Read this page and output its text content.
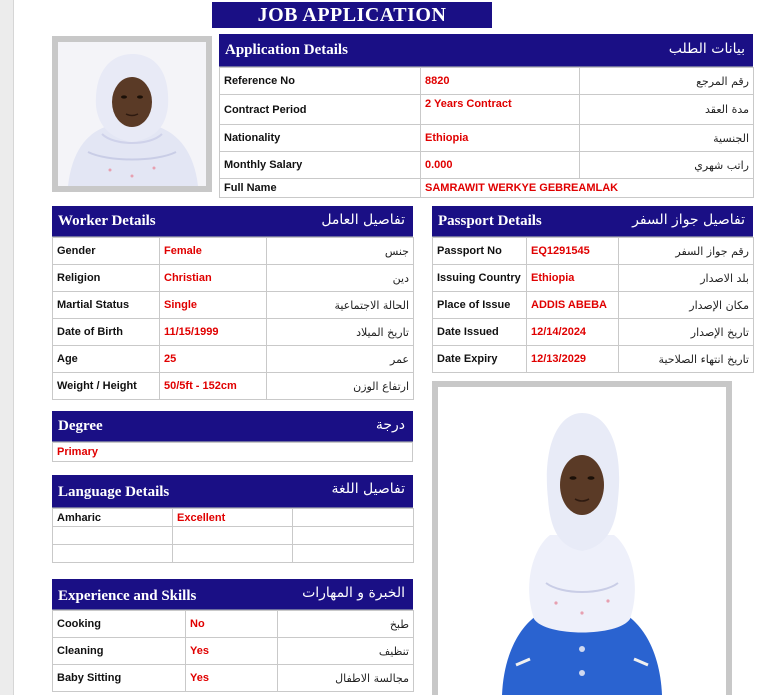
JOB APPLICATION
Application Details	بيانات الطلب
Reference No	8820	رقم المرجع
Contract Period	2 Years Contract	مدة العقد
Nationality	Ethiopia	الجنسية
Monthly Salary	0.000	راتب شهري
Full Name	SAMRAWIT WERKYE GEBREAMLAK	
Worker Details	تفاصيل العامل
Gender	Female	جنس
Religion	Christian	دين
Martial Status	Single	الحالة الاجتماعية
Date of Birth	11/15/1999	تاريخ الميلاد
Age	25	عمر
Weight / Height	50/5ft - 152cm	ارتفاع الوزن
Passport Details	تفاصيل جواز السفر
Passport No	EQ1291545	رقم جواز السفر
Issuing Country	Ethiopia	بلد الاصدار
Place of Issue	ADDIS ABEBA	مكان الإصدار
Date Issued	12/14/2024	تاريخ الإصدار
Date Expiry	12/13/2029	تاريخ انتهاء الصلاحية
Degree	درجة
Primary
Language Details	تفاصيل اللغة
Amharic	Excellent	

Experience and Skills	الخبرة و المهارات
Cooking	No	طبخ
Cleaning	Yes	تنظيف
Baby Sitting	Yes	مجالسة الاطفال
